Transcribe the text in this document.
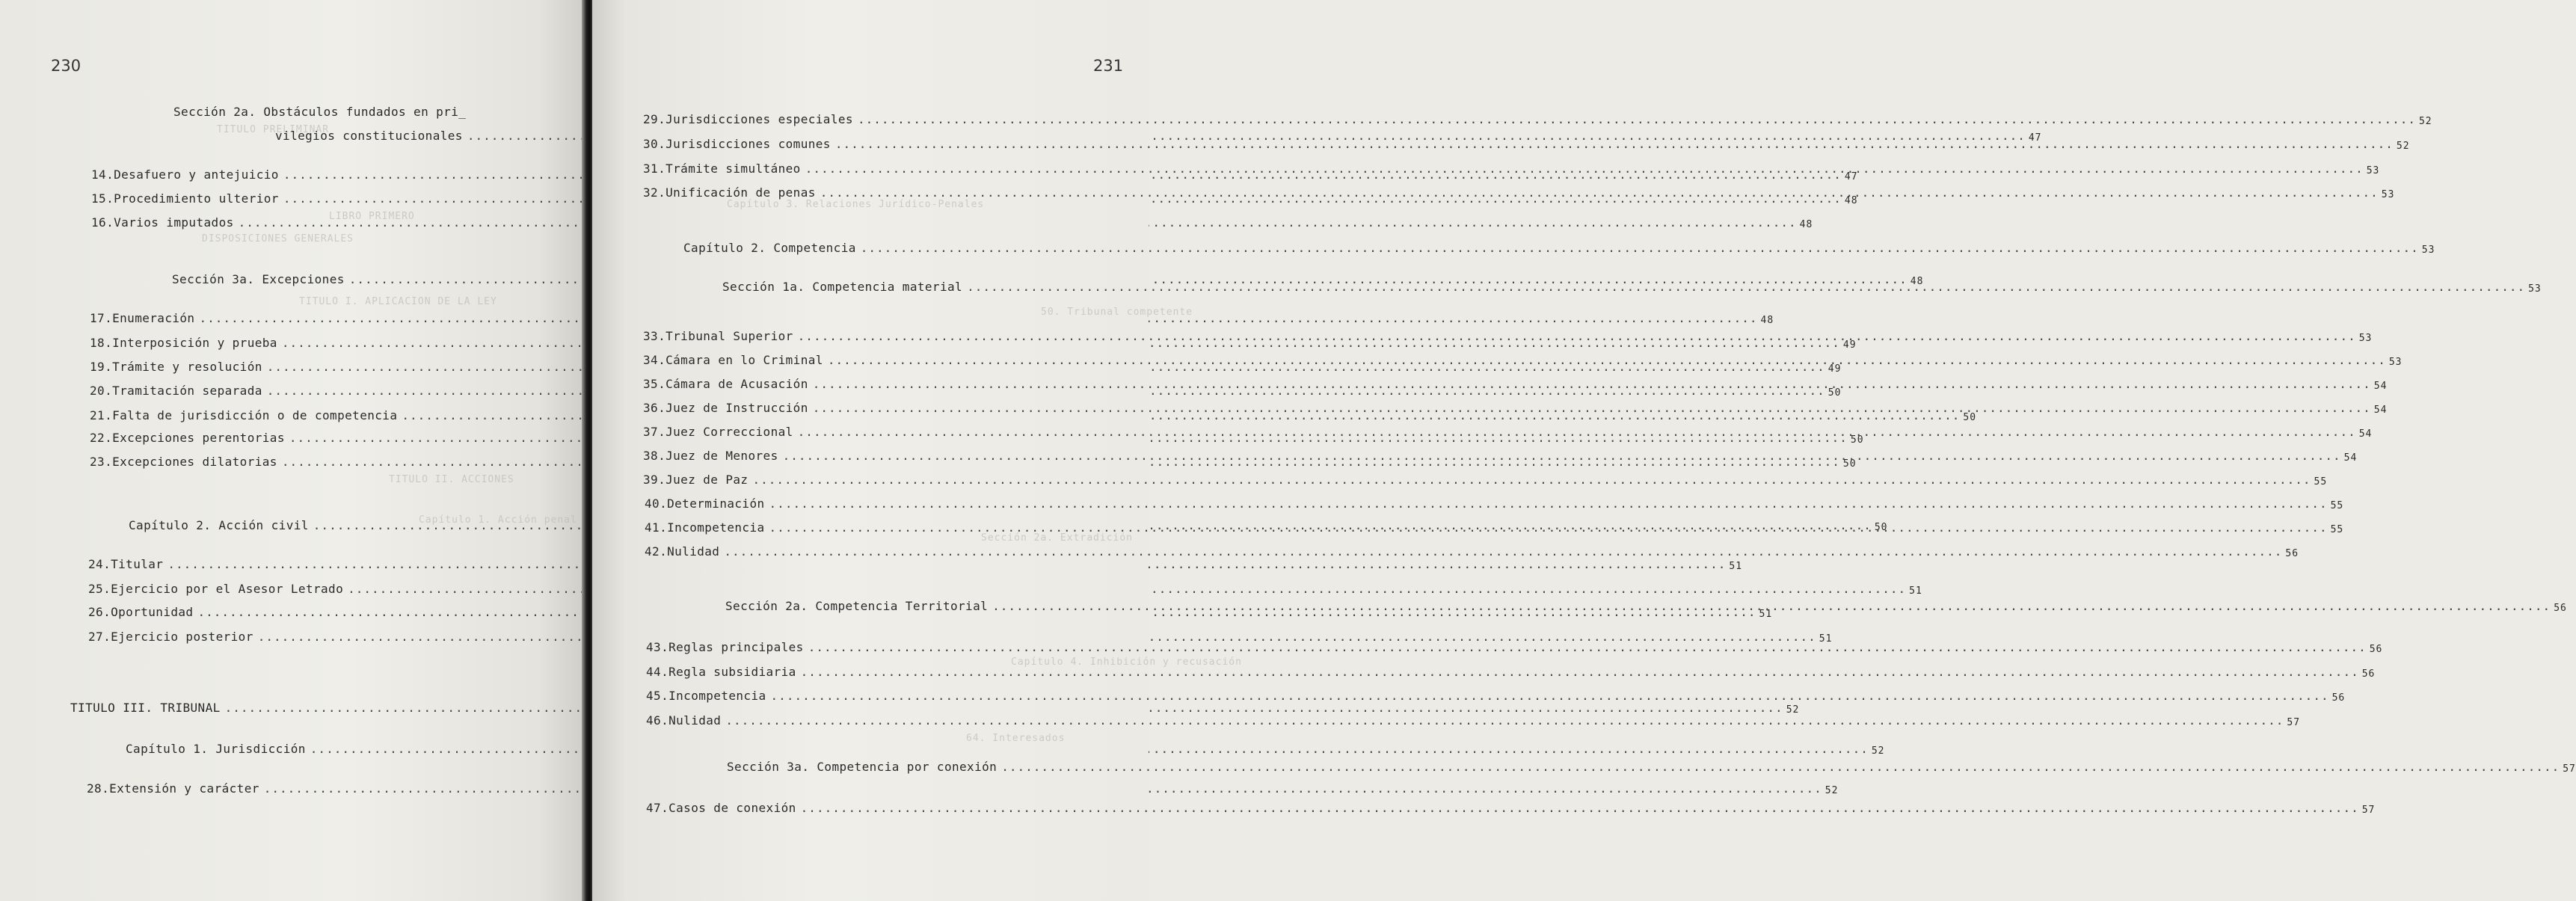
TITULO PRELIMINAR
LIBRO PRIMERO
DISPOSICIONES GENERALES
TITULO I. APLICACION DE LA LEY
Capítulo 1. Acción penal
TITULO II. ACCIONES
230
Sección 2a. Obstáculos fundados en pri_
vilegios constitucionales .....	47
14. Desafuero y antejuicio .....	47
15. Procedimiento ulterior .....	48
16. Varios imputados .....	48
Sección 3a. Excepciones .....	48
17. Enumeración .....	48
18. Interposición y prueba .....	49
19. Trámite y resolución .....	49
20. Tramitación separada .....	50
21. Falta de jurisdicción o de competencia .....	50
22. Excepciones perentorias .....	50
23. Excepciones dilatorias .....	50
Capítulo 2. Acción civil .....	50
24. Titular .....	51
25. Ejercicio por el Asesor Letrado .....	51
26. Oportunidad .....	51
27. Ejercicio posterior .....	51
TITULO III. TRIBUNAL .....	52
Capítulo 1. Jurisdicción .....	52
28. Extensión y carácter .....	52
Capítulo 3. Relaciones Jurídico-Penales
50. Tribunal competente
Sección 2a. Extradición
Capítulo 4. Inhibición y recusación
64. Interesados
231
29. Jurisdicciones especiales .....	52
30. Jurisdicciones comunes .....	52
31. Trámite simultáneo .....	53
32. Unificación de penas .....	53
Capítulo 2. Competencia .....	53
Sección 1a. Competencia material .....	53
33. Tribunal Superior .....	53
34. Cámara en lo Criminal .....	53
35. Cámara de Acusación .....	54
36. Juez de Instrucción .....	54
37. Juez Correccional .....	54
38. Juez de Menores .....	54
39. Juez de Paz .....	55
40. Determinación .....	55
41. Incompetencia .....	55
42. Nulidad .....	56
Sección 2a. Competencia Territorial .....	56
43. Reglas principales .....	56
44. Regla subsidiaria .....	56
45. Incompetencia .....	56
46. Nulidad .....	57
Sección 3a. Competencia por conexión .....	57
47. Casos de conexión .....	57
